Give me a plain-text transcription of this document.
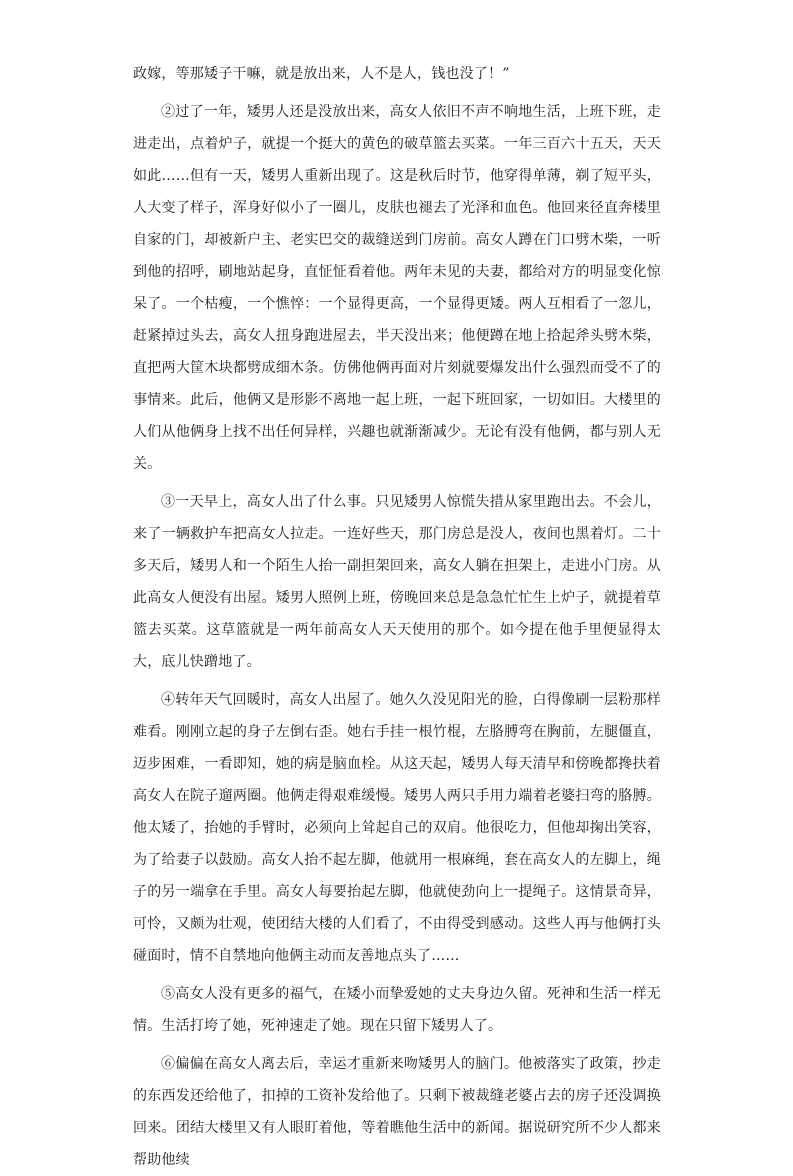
政嫁，等那矮子干嘛，就是放出来，人不是人，钱也没了！”

②过了一年，矮男人还是没放出来，高女人依旧不声不响地生活，上班下班，走进走出，点着炉子，就提一个挺大的黄色的破草篮去买菜。一年三百六十五天，天天如此……但有一天，矮男人重新出现了。这是秋后时节，他穿得单薄，剃了短平头，人大变了样子，浑身好似小了一圈儿，皮肤也褪去了光泽和血色。他回来径直奔楼里自家的门，却被新户主、老实巴交的裁缝送到门房前。高女人蹲在门口劈木柴，一听到他的招呼，刷地站起身，直怔怔看着他。两年未见的夫妻，都给对方的明显变化惊呆了。一个枯瘦，一个憔悴：一个显得更高，一个显得更矮。两人互相看了一忽儿，赶紧掉过头去，高女人扭身跑进屋去，半天没出来；他便蹲在地上拾起斧头劈木柴，直把两大筐木块都劈成细木条。仿佛他俩再面对片刻就要爆发出什么强烈而受不了的事情来。此后，他俩又是形影不离地一起上班，一起下班回家，一切如旧。大楼里的人们从他俩身上找不出任何异样，兴趣也就渐渐减少。无论有没有他俩，都与别人无关。

③一天早上，高女人出了什么事。只见矮男人惊慌失措从家里跑出去。不会儿，来了一辆救护车把高女人拉走。一连好些天，那门房总是没人，夜间也黑着灯。二十多天后，矮男人和一个陌生人抬一副担架回来，高女人躺在担架上，走进小门房。从此高女人便没有出屋。矮男人照例上班，傍晚回来总是急急忙忙生上炉子，就提着草篮去买菜。这草篮就是一两年前高女人天天使用的那个。如今提在他手里便显得太大，底儿快蹭地了。

④转年天气回暖时，高女人出屋了。她久久没见阳光的脸，白得像刷一层粉那样难看。刚刚立起的身子左倒右歪。她右手挂一根竹棍，左胳膊弯在胸前，左腿僵直，迈步困难，一看即知，她的病是脑血栓。从这天起，矮男人每天清早和傍晚都搀扶着高女人在院子遛两圈。他俩走得艰难缓慢。矮男人两只手用力端着老婆扫弯的胳膊。他太矮了，抬她的手臂时，必须向上耸起自己的双肩。他很吃力，但他却掬出笑容，为了给妻子以鼓励。高女人抬不起左脚，他就用一根麻绳，套在高女人的左脚上，绳子的另一端拿在手里。高女人每要抬起左脚，他就使劲向上一提绳子。这情景奇异，可怜，又颇为壮观，使团结大楼的人们看了，不由得受到感动。这些人再与他俩打头碰面时，情不自禁地向他俩主动而友善地点头了……

⑤高女人没有更多的福气，在矮小而挚爱她的丈夫身边久留。死神和生活一样无情。生活打垮了她，死神速走了她。现在只留下矮男人了。

⑥偏偏在高女人离去后，幸运才重新来吻矮男人的脑门。他被落实了政策，抄走的东西发还给他了，扣掉的工资补发给他了。只剩下被裁缝老婆占去的房子还没调换回来。团结大楼里又有人眼盯着他，等着瞧他生活中的新闻。据说研究所不少人都来帮助他续
